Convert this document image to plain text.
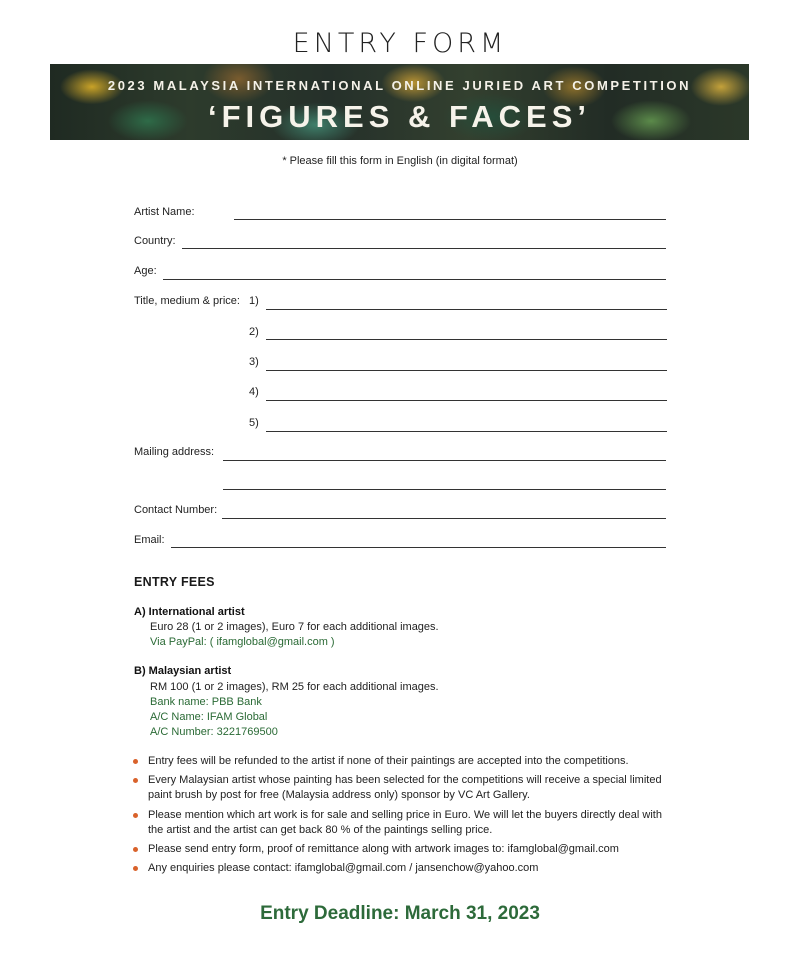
ENTRY FORM
2023 MALAYSIA INTERNATIONAL ONLINE JURIED ART COMPETITION
‘FIGURES & FACES’
* Please fill this form in English (in digital format)
Artist Name:
Country:
Age:
Title, medium & price: 1)
2)
3)
4)
5)
Mailing address:
Contact Number:
Email:
ENTRY FEES
A) International artist
Euro 28 (1 or 2 images), Euro 7 for each additional images.
Via PayPal: ( ifamglobal@gmail.com )
B) Malaysian artist
RM 100 (1 or 2 images), RM 25 for each additional images.
Bank name: PBB Bank
A/C Name: IFAM Global
A/C Number: 3221769500
Entry fees will be refunded to the artist if none of their paintings are accepted into the competitions.
Every Malaysian artist whose painting has been selected for the competitions will receive a special limited paint brush by post for free (Malaysia address only) sponsor by VC Art Gallery.
Please mention which art work is for sale and selling price in Euro. We will let the buyers directly deal with the artist and the artist can get back 80 % of the paintings selling price.
Please send entry form, proof of remittance along with artwork images to: ifamglobal@gmail.com
Any enquiries please contact: ifamglobal@gmail.com / jansenchow@yahoo.com
Entry Deadline: March 31, 2023
